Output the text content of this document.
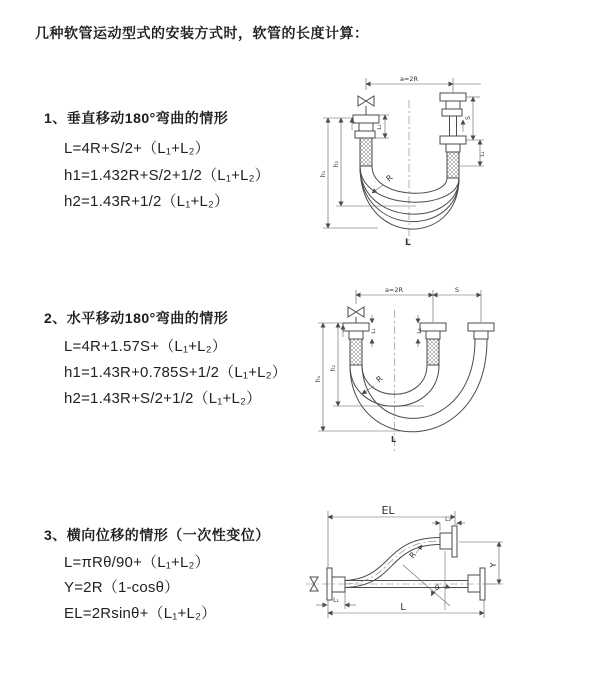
几种软管运动型式的安装方式时，软管的长度计算：
1、垂直移动180°弯曲的情形
L=4R+S/2+（L₁+L₂）
h1=1.432R+S/2+1/2（L₁+L₂）
h2=1.43R+1/2（L₁+L₂）
2、水平移动180°弯曲的情形
L=4R+1.57S+（L₁+L₂）
h1=1.43R+0.785S+1/2（L₁+L₂）
h2=1.43R+S/2+1/2（L₁+L₂）
3、横向位移的情形（一次性变位）
L=πRθ/90+（L₁+L₂）
Y=2R（1-cosθ）
EL=2Rsinθ+（L₁+L₂）
a=2R
L₁
S
L₂
h₁
h₂
R
L
a=2R	S
L₁	L₂
h₁
h₂
R
L
EL
L₂
Y
θ
R
L
L₁
